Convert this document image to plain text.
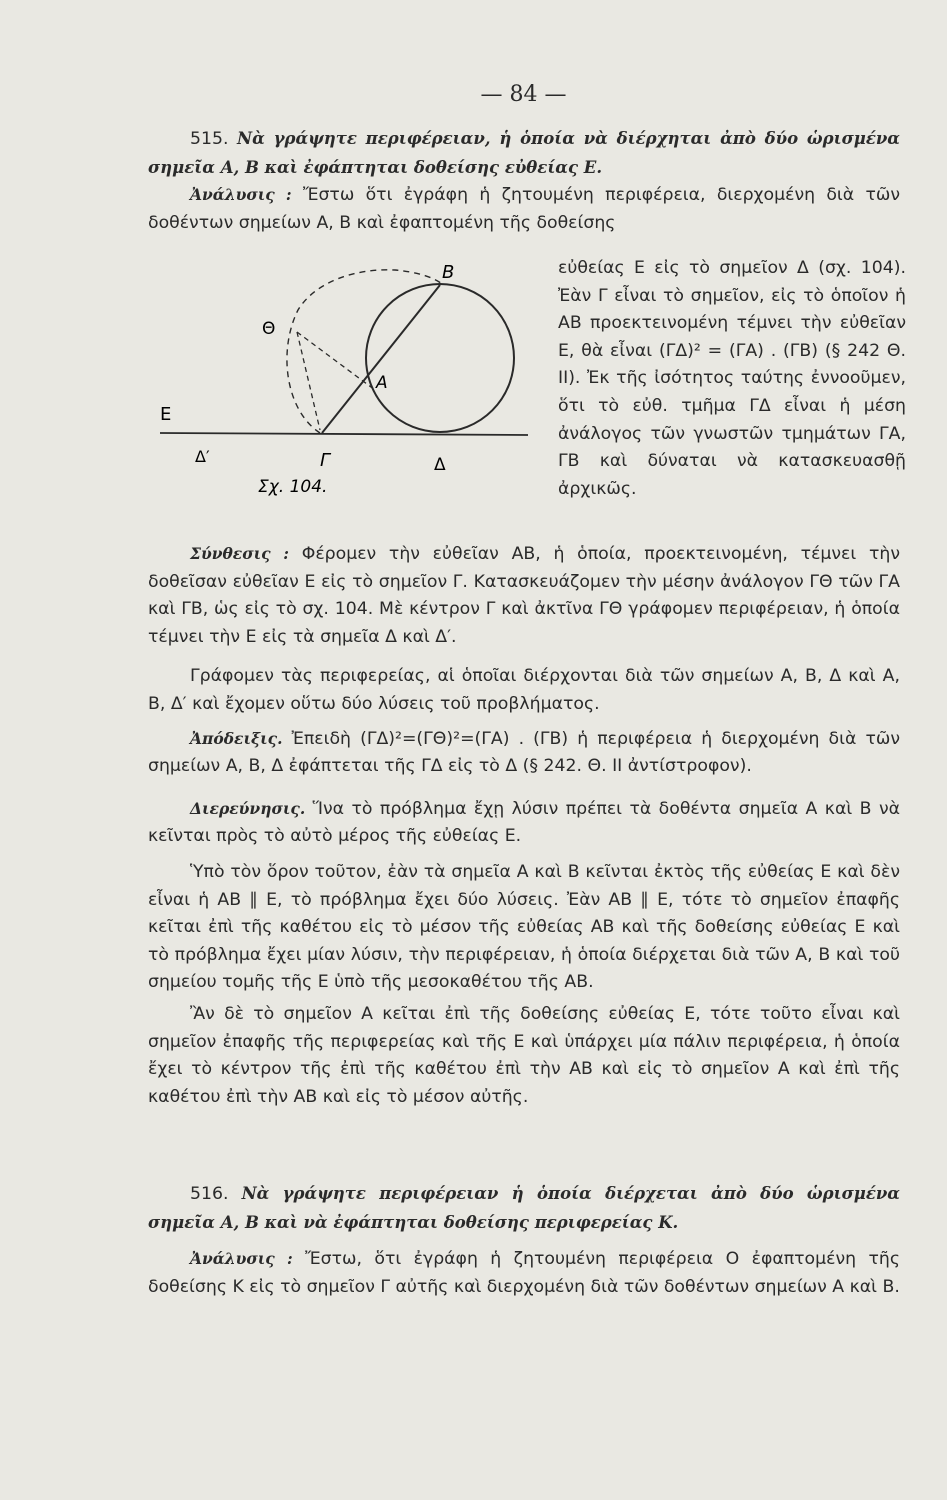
— 84 —

515. Νὰ γράψητε περιφέρειαν, ἡ ὁποία νὰ διέρχηται ἀπὸ δύο ὡρισμένα σημεῖα Α, Β καὶ ἐφάπτηται δοθείσης εὐθείας Ε.

Ἀνάλυσις : Ἔστω ὅτι ἐγράφη ἡ ζητουμένη περιφέρεια, διερχομένη διὰ τῶν δοθέντων σημείων Α, Β καὶ ἐφαπτομένη τῆς δοθείσης

Β
Θ
Α
Ε
Δ′	Γ	Δ
Σχ. 104.

εὐθείας Ε εἰς τὸ σημεῖον Δ (σχ. 104). Ἐὰν Γ εἶναι τὸ σημεῖον, εἰς τὸ ὁποῖον ἡ ΑΒ προεκτεινομένη τέμνει τὴν εὐθεῖαν Ε, θὰ εἶναι (ΓΔ)² = (ΓΑ) . (ΓΒ) (§ 242 Θ. ΙΙ). Ἐκ τῆς ἰσότητος ταύτης ἐννοοῦμεν, ὅτι τὸ εὐθ. τμῆμα ΓΔ εἶναι ἡ μέση ἀνάλογος τῶν γνωστῶν τμημάτων ΓΑ, ΓΒ καὶ δύναται νὰ κατασκευασθῇ ἀρχικῶς.

Σύνθεσις : Φέρομεν τὴν εὐθεῖαν ΑΒ, ἡ ὁποία, προεκτεινομένη, τέμνει τὴν δοθεῖσαν εὐθεῖαν Ε εἰς τὸ σημεῖον Γ. Κατασκευάζομεν τὴν μέσην ἀνάλογον ΓΘ τῶν ΓΑ καὶ ΓΒ, ὡς εἰς τὸ σχ. 104. Μὲ κέντρον Γ καὶ ἀκτῖνα ΓΘ γράφομεν περιφέρειαν, ἡ ὁποία τέμνει τὴν Ε εἰς τὰ σημεῖα Δ καὶ Δ′.

Γράφομεν τὰς περιφερείας, αἱ ὁποῖαι διέρχονται διὰ τῶν σημείων Α, Β, Δ καὶ Α, Β, Δ′ καὶ ἔχομεν οὕτω δύο λύσεις τοῦ προβλήματος.

Ἀπόδειξις. Ἐπειδὴ (ΓΔ)²=(ΓΘ)²=(ΓΑ) . (ΓΒ) ἡ περιφέρεια ἡ διερχομένη διὰ τῶν σημείων Α, Β, Δ ἐφάπτεται τῆς ΓΔ εἰς τὸ Δ (§ 242. Θ. ΙΙ ἀντίστροφον).

Διερεύνησις. Ἵνα τὸ πρόβλημα ἔχῃ λύσιν πρέπει τὰ δοθέντα σημεῖα Α καὶ Β νὰ κεῖνται πρὸς τὸ αὐτὸ μέρος τῆς εὐθείας Ε.

Ὑπὸ τὸν ὅρον τοῦτον, ἐὰν τὰ σημεῖα Α καὶ Β κεῖνται ἐκτὸς τῆς εὐθείας Ε καὶ δὲν εἶναι ἡ ΑΒ ∥ Ε, τὸ πρόβλημα ἔχει δύο λύσεις. Ἐὰν ΑΒ ∥ Ε, τότε τὸ σημεῖον ἐπαφῆς κεῖται ἐπὶ τῆς καθέτου εἰς τὸ μέσον τῆς εὐθείας ΑΒ καὶ τῆς δοθείσης εὐθείας Ε καὶ τὸ πρόβλημα ἔχει μίαν λύσιν, τὴν περιφέρειαν, ἡ ὁποία διέρχεται διὰ τῶν Α, Β καὶ τοῦ σημείου τομῆς τῆς Ε ὑπὸ τῆς μεσοκαθέτου τῆς ΑΒ.

Ἂν δὲ τὸ σημεῖον Α κεῖται ἐπὶ τῆς δοθείσης εὐθείας Ε, τότε τοῦτο εἶναι καὶ σημεῖον ἐπαφῆς τῆς περιφερείας καὶ τῆς Ε καὶ ὑπάρχει μία πάλιν περιφέρεια, ἡ ὁποία ἔχει τὸ κέντρον τῆς ἐπὶ τῆς καθέτου ἐπὶ τὴν ΑΒ καὶ εἰς τὸ σημεῖον Α καὶ ἐπὶ τῆς καθέτου ἐπὶ τὴν ΑΒ καὶ εἰς τὸ μέσον αὐτῆς.

516. Νὰ γράψητε περιφέρειαν ἡ ὁποία διέρχεται ἀπὸ δύο ὡρισμένα σημεῖα Α, Β καὶ νὰ ἐφάπτηται δοθείσης περιφερείας Κ.

Ἀνάλυσις : Ἔστω, ὅτι ἐγράφη ἡ ζητουμένη περιφέρεια Ο ἐφαπτομένη τῆς δοθείσης Κ εἰς τὸ σημεῖον Γ αὐτῆς καὶ διερχομένη διὰ τῶν δοθέντων σημείων Α καὶ Β.
